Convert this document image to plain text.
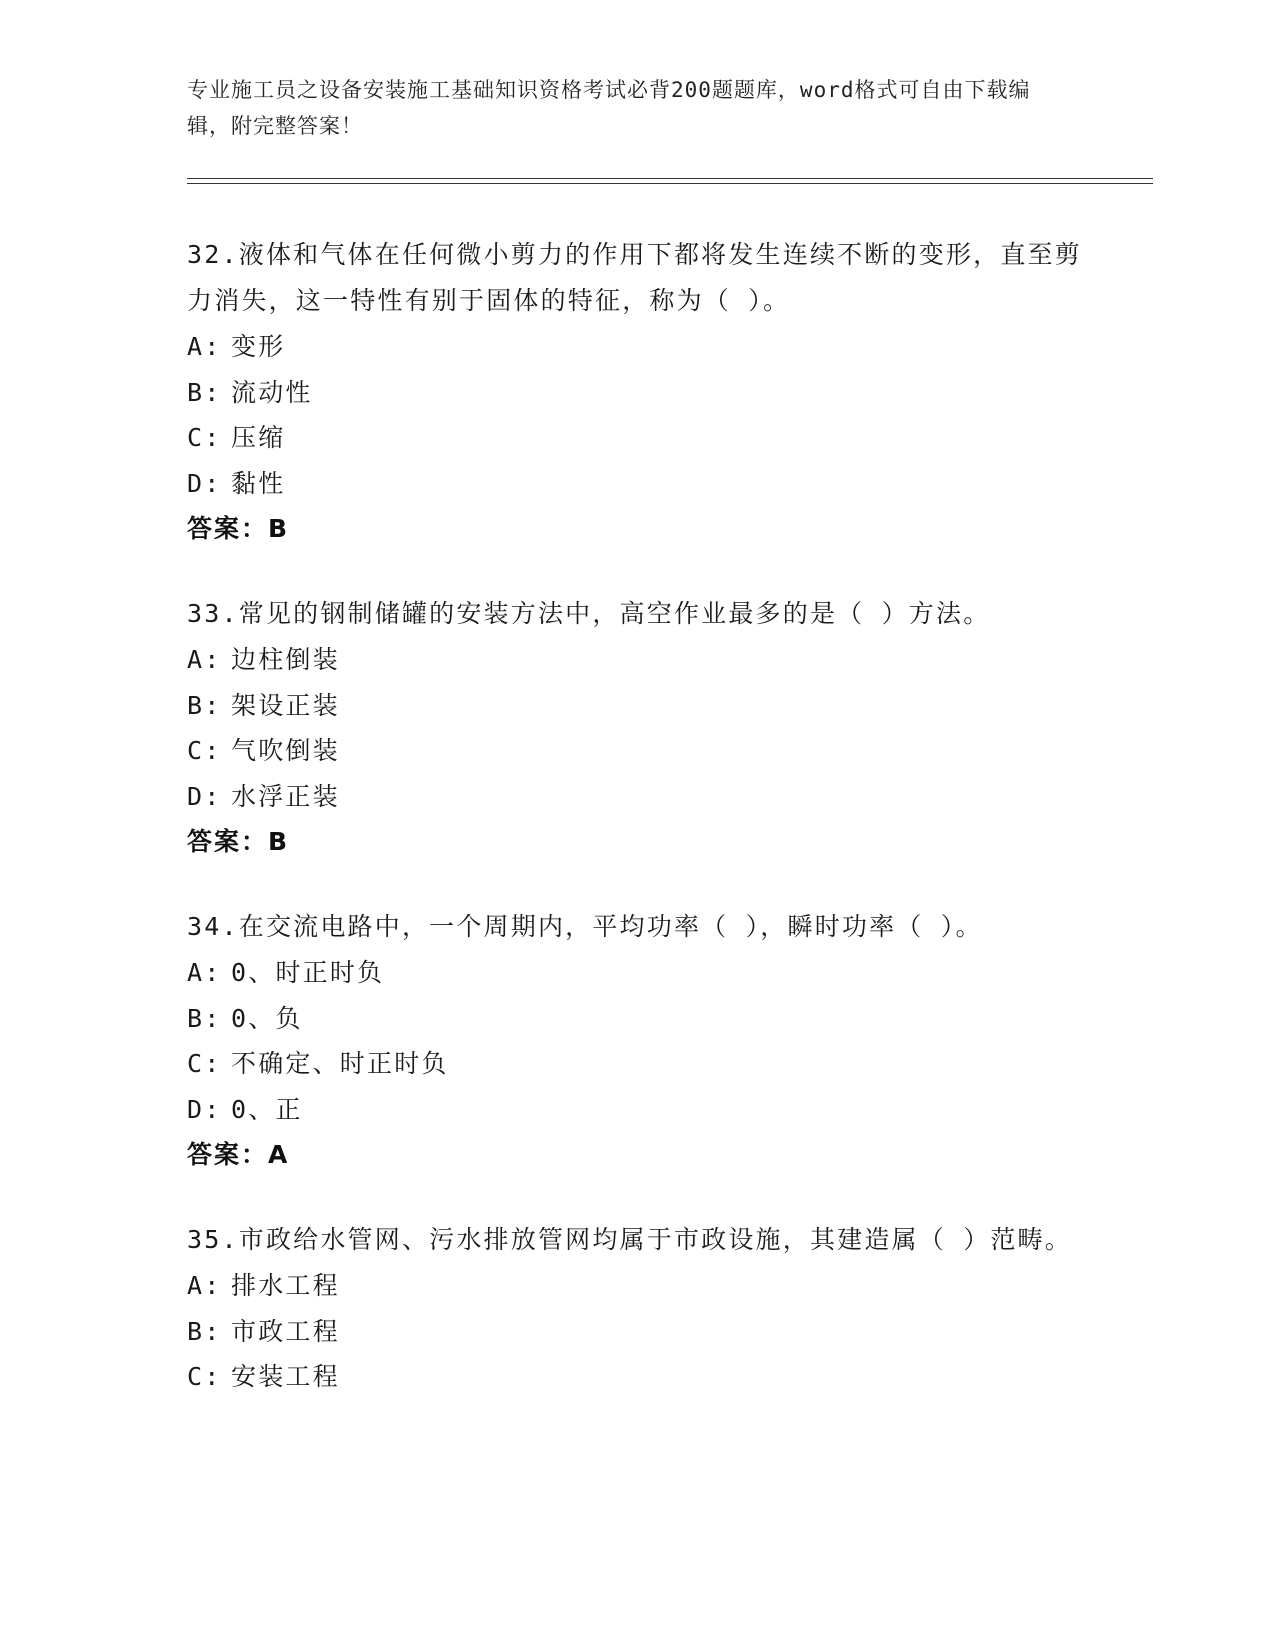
专业施工员之设备安装施工基础知识资格考试必背200题题库，word格式可自由下载编辑，附完整答案！

32.液体和气体在任何微小剪力的作用下都将发生连续不断的变形，直至剪力消失，这一特性有别于固体的特征，称为（ ）。

A: 变形

B: 流动性

C: 压缩

D: 黏性

答案：B

33.常见的钢制储罐的安装方法中，高空作业最多的是（ ）方法。

A: 边柱倒装

B: 架设正装

C: 气吹倒装

D: 水浮正装

答案：B

34.在交流电路中，一个周期内，平均功率（ ），瞬时功率（ ）。

A: 0、时正时负

B: 0、负

C: 不确定、时正时负

D: 0、正

答案：A

35.市政给水管网、污水排放管网均属于市政设施，其建造属（ ）范畴。

A: 排水工程

B: 市政工程

C: 安装工程
